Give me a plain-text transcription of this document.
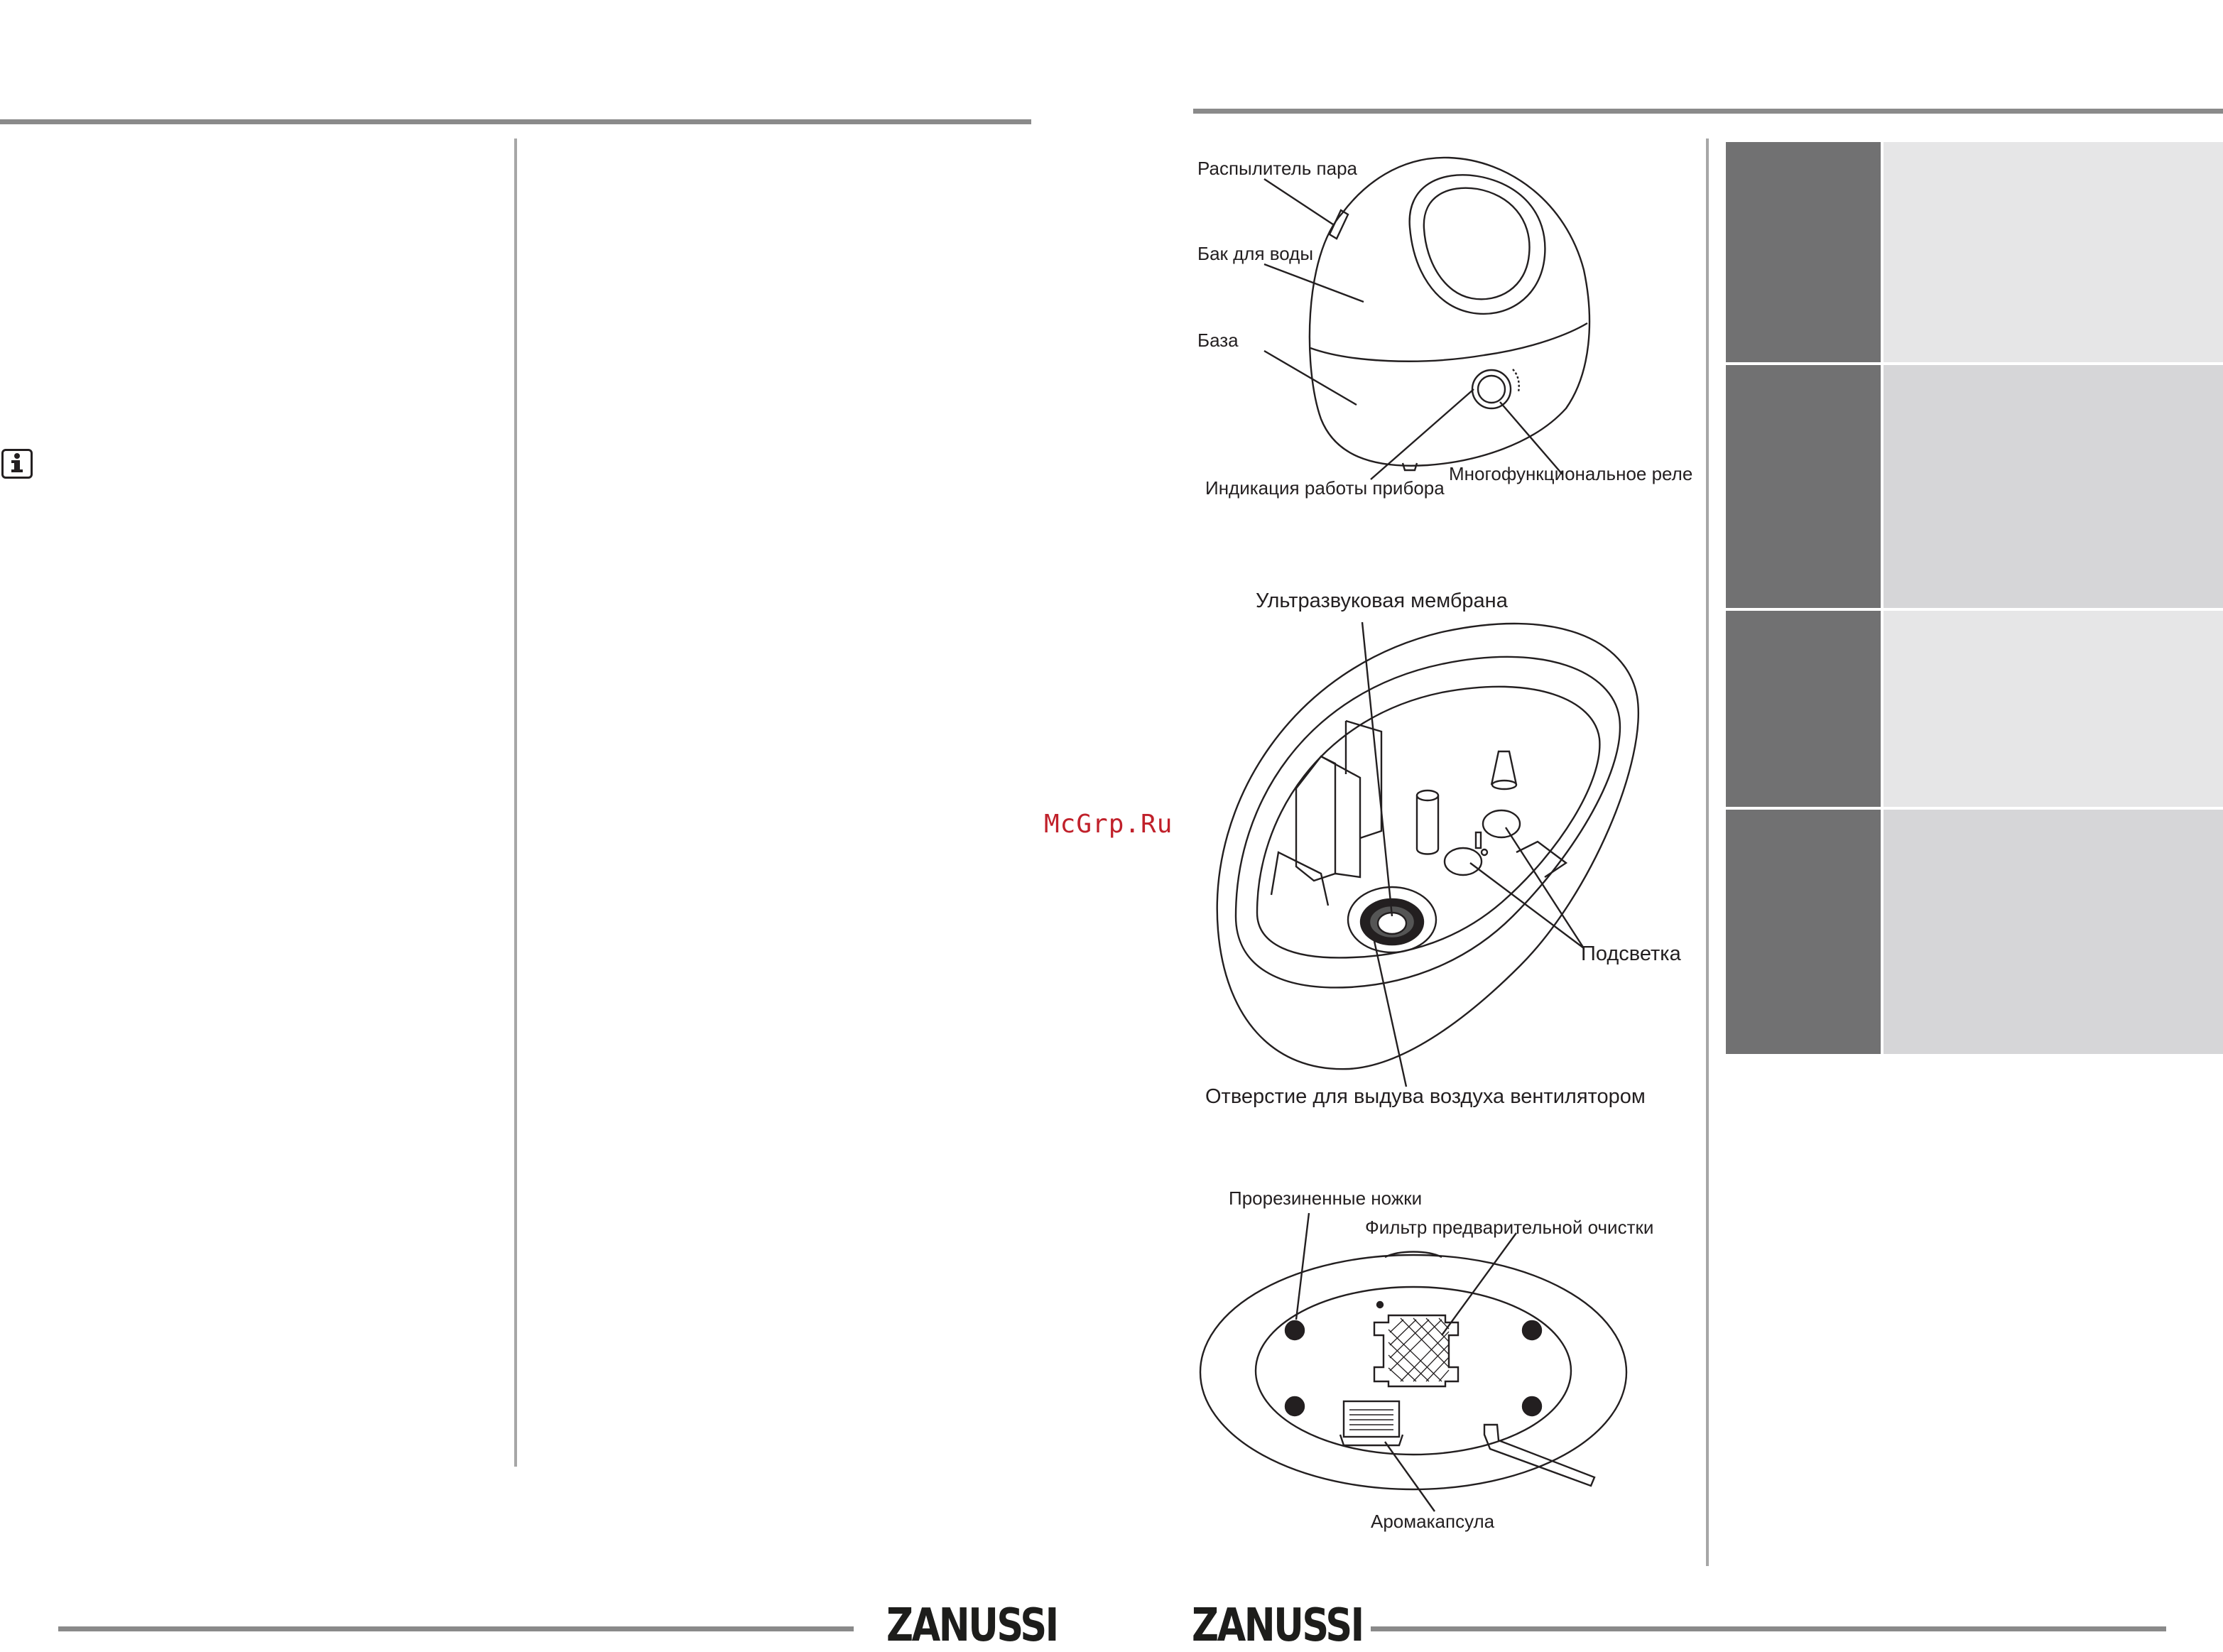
McGrp.Ru
Распылитель пара
Бак для воды
База
Индикация работы прибора
Многофункциональное реле
Ультразвуковая мембрана
Подсветка
Отверстие для выдува воздуха вентилятором
Прорезиненные ножки
Фильтр предварительной очистки
Аромакапсула
ZANUSSI	ZANUSSI
